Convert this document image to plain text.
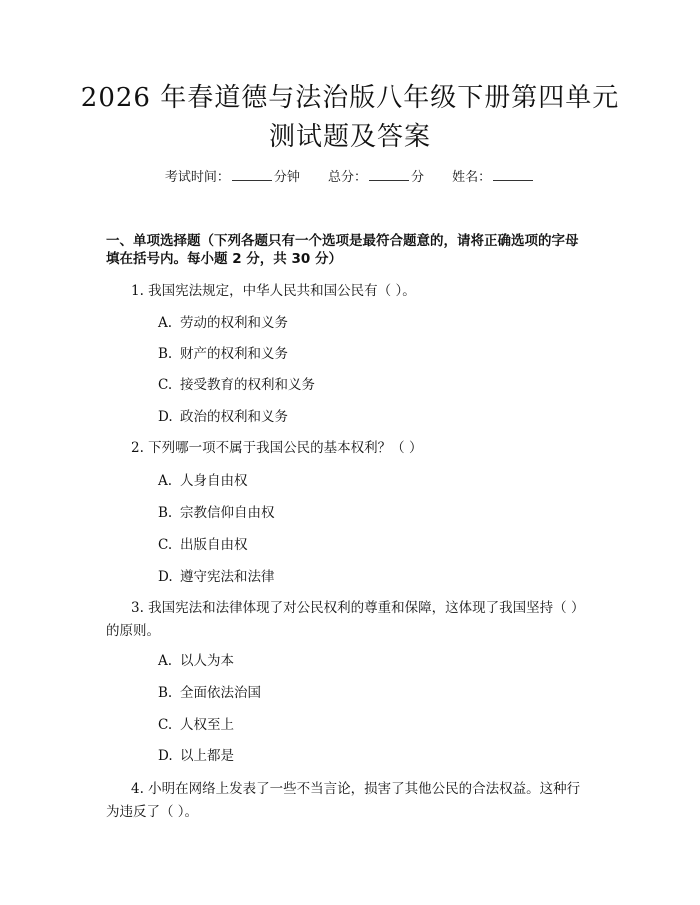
2026 年春道德与法治版八年级下册第四单元
测试题及答案
考试时间：	分钟 总分：	分 姓名：
一、单项选择题（下列各题只有一个选项是最符合题意的，请将正确选项的字母
填在括号内。每小题 2 分，共 30 分）
1. 我国宪法规定，中华人民共和国公民有（ ）。
A. 劳动的权利和义务
B. 财产的权利和义务
C. 接受教育的权利和义务
D. 政治的权利和义务
2. 下列哪一项不属于我国公民的基本权利？（ ）
A. 人身自由权
B. 宗教信仰自由权
C. 出版自由权
D. 遵守宪法和法律
3. 我国宪法和法律体现了对公民权利的尊重和保障，这体现了我国坚持（ ）
的原则。
A. 以人为本
B. 全面依法治国
C. 人权至上
D. 以上都是
4. 小明在网络上发表了一些不当言论，损害了其他公民的合法权益。这种行
为违反了（ ）。
